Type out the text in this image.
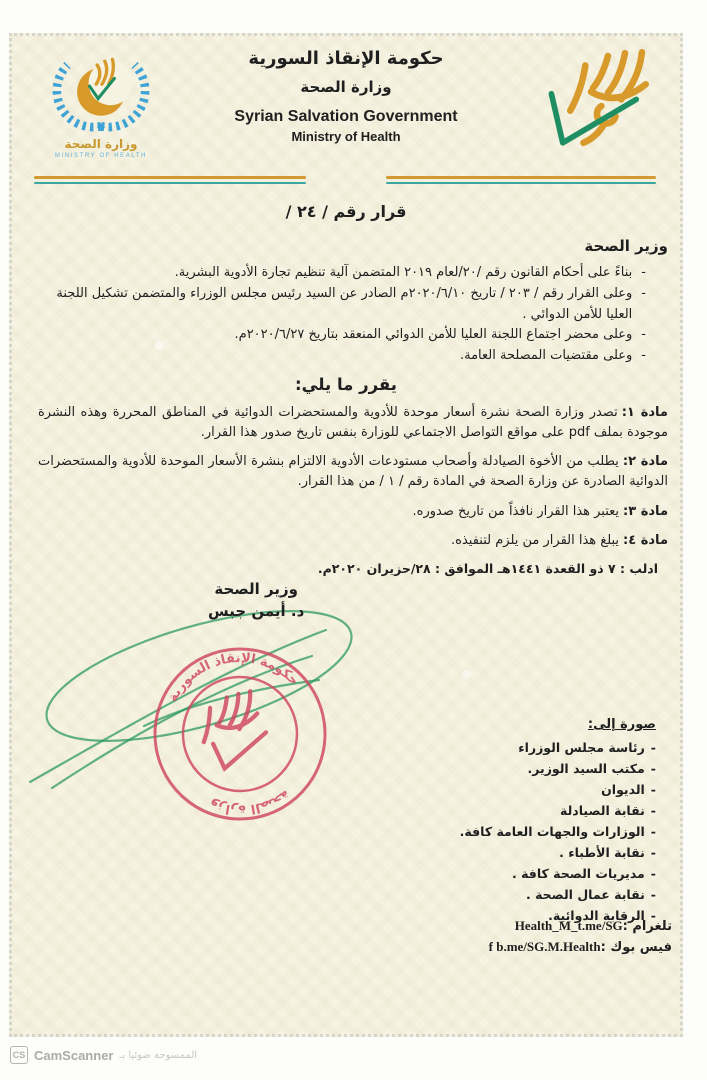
وزارة الصحة
MINISTRY OF HEALTH
حكومة الإنقاذ السورية
وزارة الصحة
Syrian Salvation Government
Ministry of Health
قرار رقم / ٢٤ /
وزير الصحة
-
بناءً على أحكام القانون رقم /٢٠/لعام ٢٠١٩ المتضمن آلية تنظيم تجارة الأدوية البشرية.
-
وعلى القرار رقم / ٢٠٣ / تاريخ ٢٠٢٠/٦/١٠م الصادر عن السيد رئيس مجلس الوزراء والمتضمن تشكيل اللجنة العليا للأمن الدوائي .
-
وعلى محضر اجتماع اللجنة العليا للأمن الدوائي المنعقد بتاريخ ٢٠٢٠/٦/٢٧م.
-
وعلى مقتضيات المصلحة العامة.
يقرر ما يلي:

مادة ١:تصدر وزارة الصحة نشرة أسعار موحدة للأدوية والمستحضرات الدوائية في المناطق المحررة وهذه النشرة موجودة بملف pdf على مواقع التواصل الاجتماعي للوزارة بنفس تاريخ صدور هذا القرار.

مادة ٢:يطلب من الأخوة الصيادلة وأصحاب مستودعات الأدوية الالتزام بنشرة الأسعار الموحدة للأدوية والمستحضرات الدوائية الصادرة عن وزارة الصحة في المادة رقم / ١ / من هذا القرار.

مادة ٣:يعتبر هذا القرار نافذاً من تاريخ صدوره.

مادة ٤:يبلغ هذا القرار من يلزم لتنفيذه.

ادلب : ٧ ذو القعدة ١٤٤١هـ الموافق : ٢٨/حزيران ٢٠٢٠م.
وزير الصحة
د. أيمن جبس
حكومة الإنقاذ السورية
وزارة الصحة
صورة إلى:
-
رئاسة مجلس الوزراء
-
مكتب السيد الوزير.
-
الديوان
-
نقابة الصيادلة
-
الوزارات والجهات العامة كافة.
-
نقابة الأطباء .
-
مديريات الصحة كافة .
-
نقابة عمال الصحة .
-
الرقابة الدوائية.
تلغرام :Health_M_t.me/SG
فيس بوك :f b.me/SG.M.Health
CS CamScanner الممسوحة ضوئيا بـ
